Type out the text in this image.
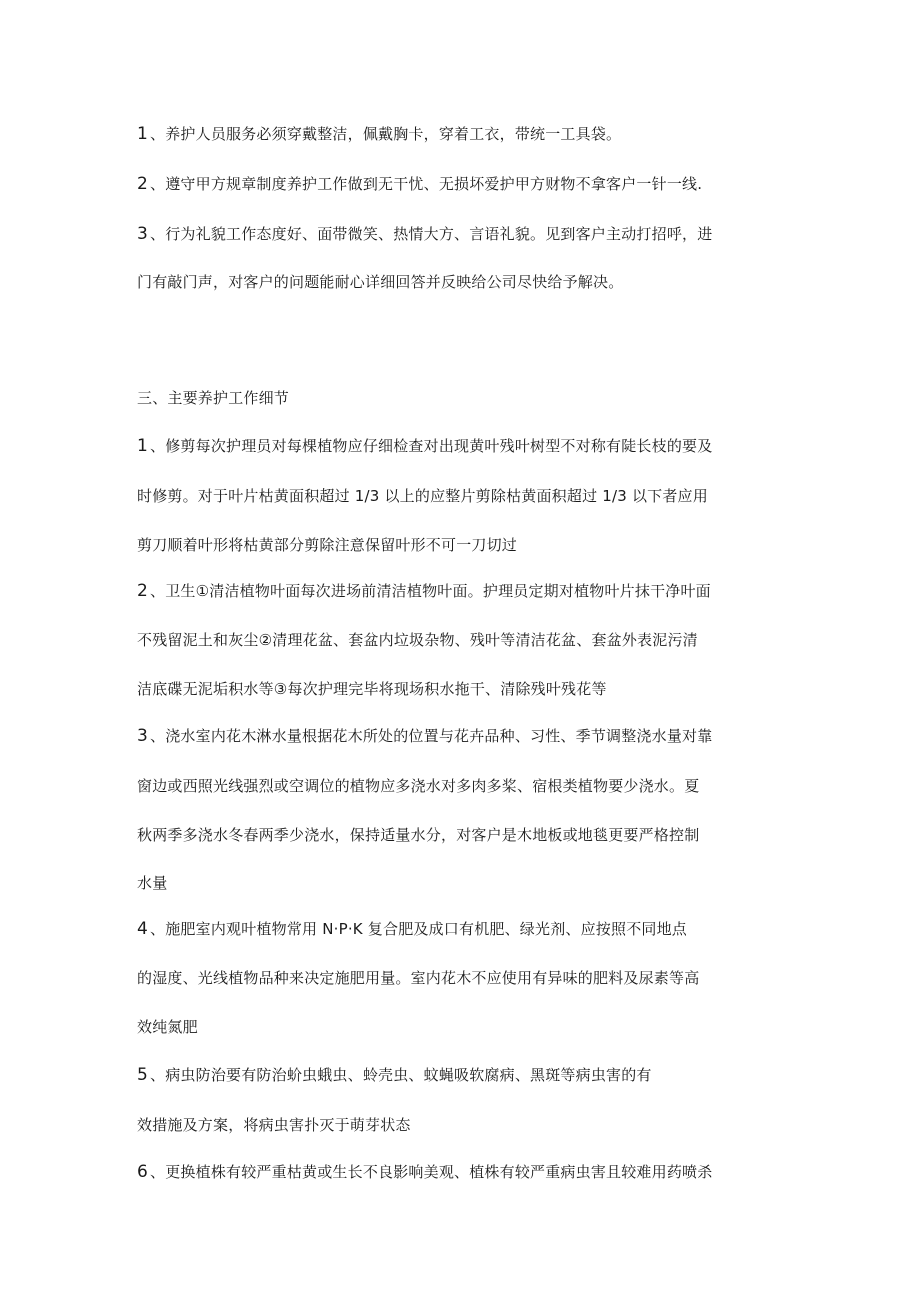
1 、养护人员服务必须穿戴整洁，佩戴胸卡，穿着工衣，带统一工具袋。
2 、遵守甲方规章制度养护工作做到无干忧、无损坏爱护甲方财物不拿客户一针一线.
3 、行为礼貌工作态度好、面带微笑、热情大方、言语礼貌。见到客户主动打招呼，进
门有敲门声，对客户的问题能耐心详细回答并反映给公司尽快给予解决。
三、主要养护工作细节
1 、修剪每次护理员对每棵植物应仔细检查对出现黄叶残叶树型不对称有陡长枝的要及
时修剪。对于叶片枯黄面积超过 1/3 以上的应整片剪除枯黄面积超过 1/3 以下者应用
剪刀顺着叶形将枯黄部分剪除注意保留叶形不可一刀切过
2 、卫生①清洁植物叶面每次进场前清洁植物叶面。护理员定期对植物叶片抹干净叶面
不残留泥土和灰尘②清理花盆、套盆内垃圾杂物、残叶等清洁花盆、套盆外表泥污清
洁底碟无泥垢积水等③每次护理完毕将现场积水拖干、清除残叶残花等
3 、浇水室内花木淋水量根据花木所处的位置与花卉品种、习性、季节调整浇水量对靠
窗边或西照光线强烈或空调位的植物应多浇水对多肉多桨、宿根类植物要少浇水。夏
秋两季多浇水冬春两季少浇水，保持适量水分，对客户是木地板或地毯更要严格控制
水量
4 、施肥室内观叶植物常用 N·P·K 复合肥及成口有机肥、绿光剂、应按照不同地点
的湿度、光线植物品种来决定施肥用量。室内花木不应使用有异味的肥料及尿素等高
效纯氮肥
5 、病虫防治要有防治蚧虫蛾虫、蛉壳虫、蚊蝇吸软腐病、黑斑等病虫害的有
效措施及方案，将病虫害扑灭于萌芽状态
6 、更换植株有较严重枯黄或生长不良影响美观、植株有较严重病虫害且较难用药喷杀
